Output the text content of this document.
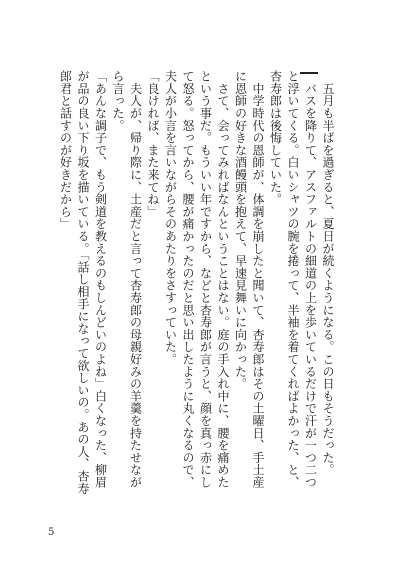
　五月も半ばを過ぎると、夏日が続くようになる。この日もそうだった。

　バスを降りて、アスファルトの細道の上を歩いているだけで汗が一つ二つと浮いてくる。白いシャツの腕を捲って、半袖を着てくればよかった、と、杏寿郎は後悔していた。

　中学時代の恩師が、体調を崩したと聞いて、杏寿郎はその土曜日、手土産に恩師の好きな酒饅頭を抱えて、早速見舞いに向かった。

　さて、会ってみればなんということはない。庭の手入れ中に、腰を痛めたという事だ。もういい年ですから、などと杏寿郎が言うと、顔を真っ赤にして怒る。怒ってから、腰が痛かったのだと思い出したように丸くなるので、夫人が小言を言いながらそのあたりをさすっていた。

「良ければ、また来てね」

　夫人が、帰り際に、土産だと言って杏寿郎の母親好みの羊羹を持たせながら言った。

「あんな調子で、もう剣道を教えるのもしんどいのよね」白くなった、柳眉が品の良い下り坂を描いている。「話し相手になって欲しいの。あの人、杏寿郎君と話すのが好きだから」

5
